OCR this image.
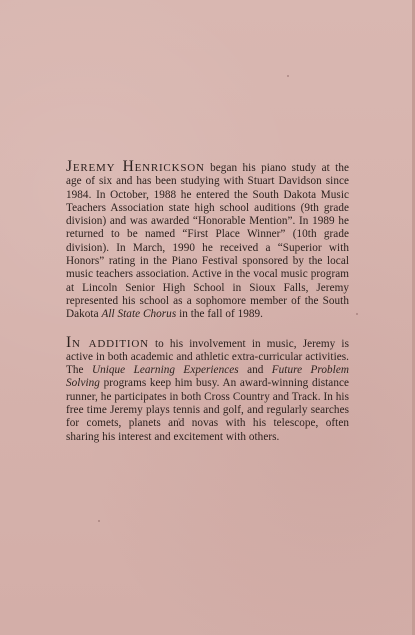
Jeremy Henrickson began his piano study at the age of six and has been studying with Stuart Davidson since 1984. In October, 1988 he entered the South Dakota Music Teachers Association state high school auditions (9th grade division) and was awarded “Honorable Mention”. In 1989 he returned to be named “First Place Winner” (10th grade division). In March, 1990 he received a “Superior with Honors” rating in the Piano Festival sponsored by the local music teachers association. Active in the vocal music program at Lincoln Senior High School in Sioux Falls, Jeremy represented his school as a sophomore member of the South Dakota All State Chorus in the fall of 1989.

In addition to his involvement in music, Jeremy is active in both academic and athletic extra-curricular activities. The Unique Learning Experiences and Future Problem Solving programs keep him busy. An award-winning distance runner, he participates in both Cross Country and Track. In his free time Jeremy plays tennis and golf, and regularly searches for comets, planets and novas with his telescope, often sharing his interest and excitement with others.
